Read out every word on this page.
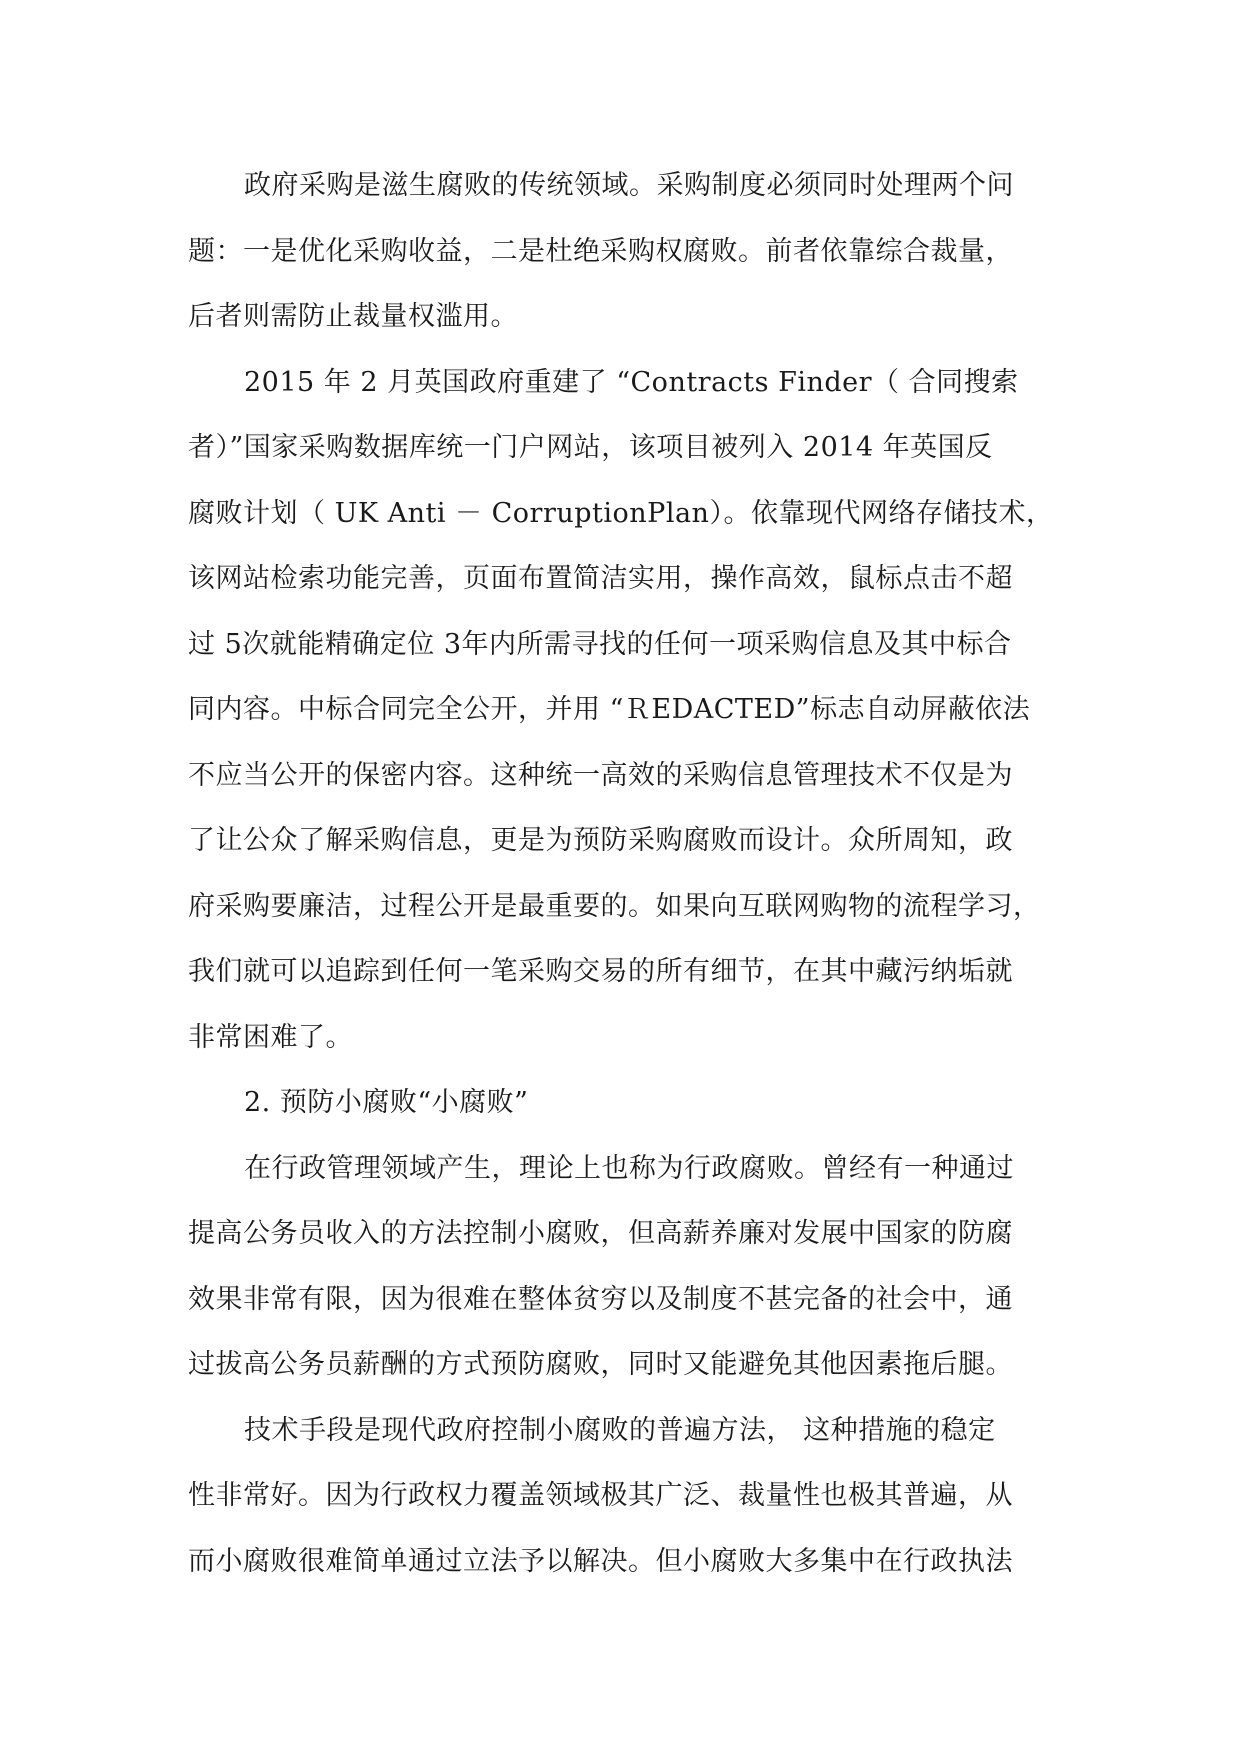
政府采购是滋生腐败的传统领域。采购制度必须同时处理两个问
题：一是优化采购收益，二是杜绝采购权腐败。前者依靠综合裁量，
后者则需防止裁量权滥用。
2015 年 2 月英国政府重建了 “Contracts Finder（ 合同搜索
者）”国家采购数据库统一门户网站，该项目被列入 2014 年英国反
腐败计划（ UK Anti － CorruptionPlan）。依靠现代网络存储技术，
该网站检索功能完善，页面布置简洁实用，操作高效，鼠标点击不超
过 5次就能精确定位 3年内所需寻找的任何一项采购信息及其中标合
同内容。中标合同完全公开，并用 “ＲEDACTED”标志自动屏蔽依法
不应当公开的保密内容。这种统一高效的采购信息管理技术不仅是为
了让公众了解采购信息，更是为预防采购腐败而设计。众所周知，政
府采购要廉洁，过程公开是最重要的。如果向互联网购物的流程学习，
我们就可以追踪到任何一笔采购交易的所有细节，在其中藏污纳垢就
非常困难了。
2. 预防小腐败“小腐败”
在行政管理领域产生，理论上也称为行政腐败。曾经有一种通过
提高公务员收入的方法控制小腐败，但高薪养廉对发展中国家的防腐
效果非常有限，因为很难在整体贫穷以及制度不甚完备的社会中，通
过拔高公务员薪酬的方式预防腐败，同时又能避免其他因素拖后腿。
技术手段是现代政府控制小腐败的普遍方法， 这种措施的稳定
性非常好。因为行政权力覆盖领域极其广泛、裁量性也极其普遍，从
而小腐败很难简单通过立法予以解决。但小腐败大多集中在行政执法
